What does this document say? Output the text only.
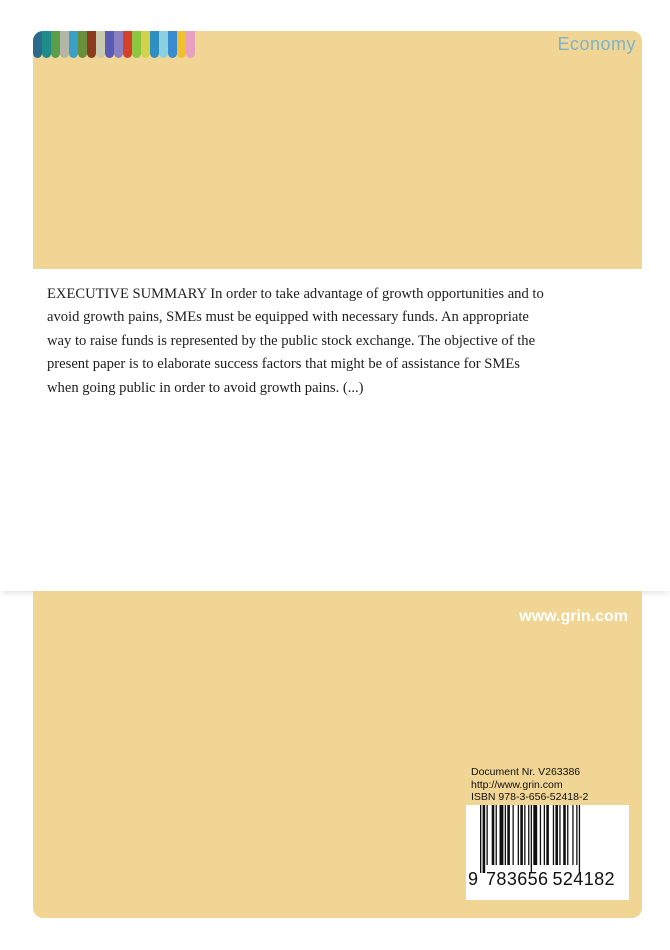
Economy

EXECUTIVE SUMMARY In order to take advantage of growth opportunities and to avoid growth pains, SMEs must be equipped with necessary funds. An appropriate way to raise funds is represented by the public stock exchange. The objective of the present paper is to elaborate success factors that might be of assistance for SMEs when going public in order to avoid growth pains. (...)

www.grin.com
Document Nr. V263386
http://www.grin.com
ISBN 978-3-656-52418-2
9 783656 524182
